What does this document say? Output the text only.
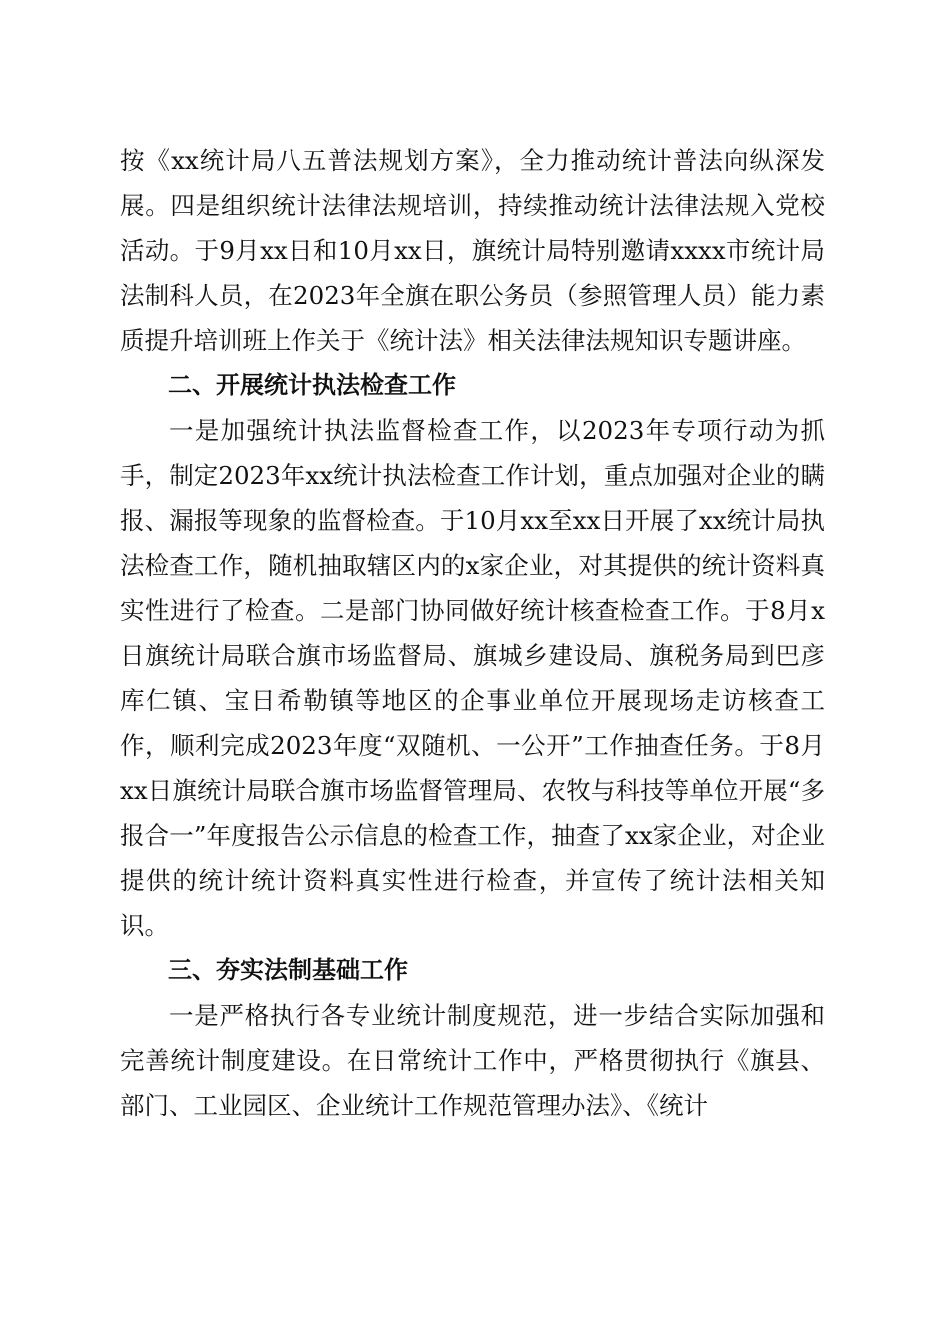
按《xx统计局八五普法规划方案》，全力推动统计普法向纵深发展。四是组织统计法律法规培训，持续推动统计法律法规入党校活动。于9月xx日和10月xx日，旗统计局特别邀请xxxx市统计局法制科人员，在2023年全旗在职公务员（参照管理人员）能力素质提升培训班上作关于《统计法》相关法律法规知识专题讲座。

二、开展统计执法检查工作

一是加强统计执法监督检查工作，以2023年专项行动为抓手，制定2023年xx统计执法检查工作计划，重点加强对企业的瞒报、漏报等现象的监督检查。于10月xx至xx日开展了xx统计局执法检查工作，随机抽取辖区内的x家企业，对其提供的统计资料真实性进行了检查。二是部门协同做好统计核查检查工作。于8月x日旗统计局联合旗市场监督局、旗城乡建设局、旗税务局到巴彦库仁镇、宝日希勒镇等地区的企事业单位开展现场走访核查工作，顺利完成2023年度“双随机、一公开”工作抽查任务。于8月xx日旗统计局联合旗市场监督管理局、农牧与科技等单位开展“多报合一”年度报告公示信息的检查工作，抽查了xx家企业，对企业提供的统计统计资料真实性进行检查，并宣传了统计法相关知识。

三、夯实法制基础工作

一是严格执行各专业统计制度规范，进一步结合实际加强和完善统计制度建设。在日常统计工作中，严格贯彻执行《旗县、部门、工业园区、企业统计工作规范管理办法》、《统计
